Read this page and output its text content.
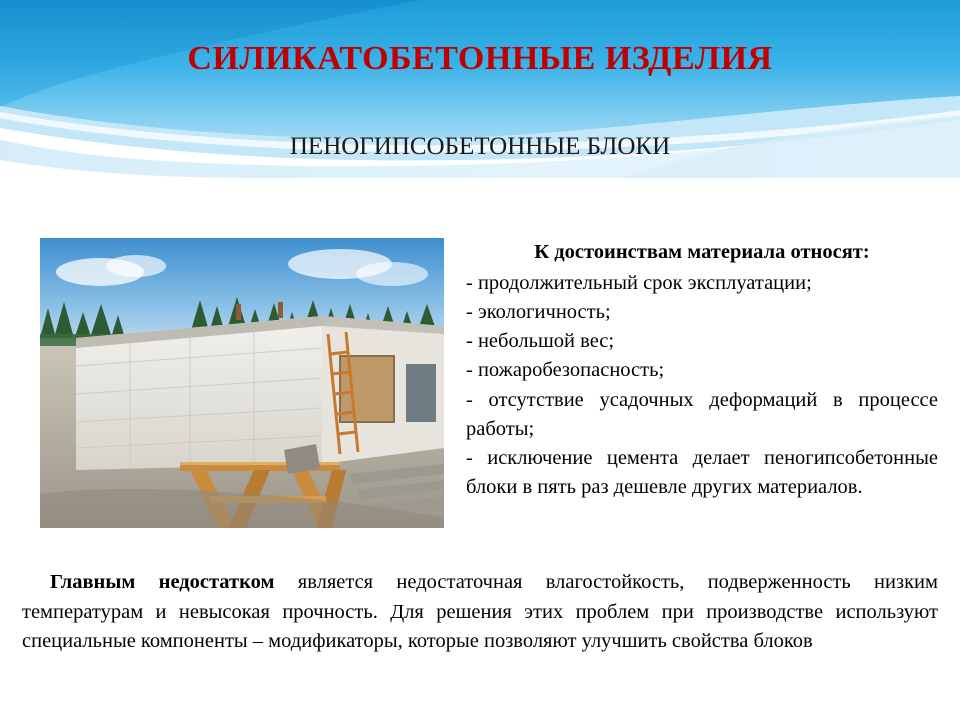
СИЛИКАТОБЕТОННЫЕ ИЗДЕЛИЯ
ПЕНОГИПСОБЕТОННЫЕ БЛОКИ
К достоинствам материала относят:
- продолжительный срок эксплуатации;
- экологичность;
- небольшой вес;
- пожаробезопасность;
- отсутствие усадочных деформаций в процессе работы;
- исключение цемента делает пеногипсобетонные блоки в пять раз дешевле других материалов.
Главным недостатком является недостаточная влагостойкость, подверженность низким температурам и невысокая прочность. Для решения этих проблем при производстве используют специальные компоненты – модификаторы, которые позволяют улучшить свойства блоков
